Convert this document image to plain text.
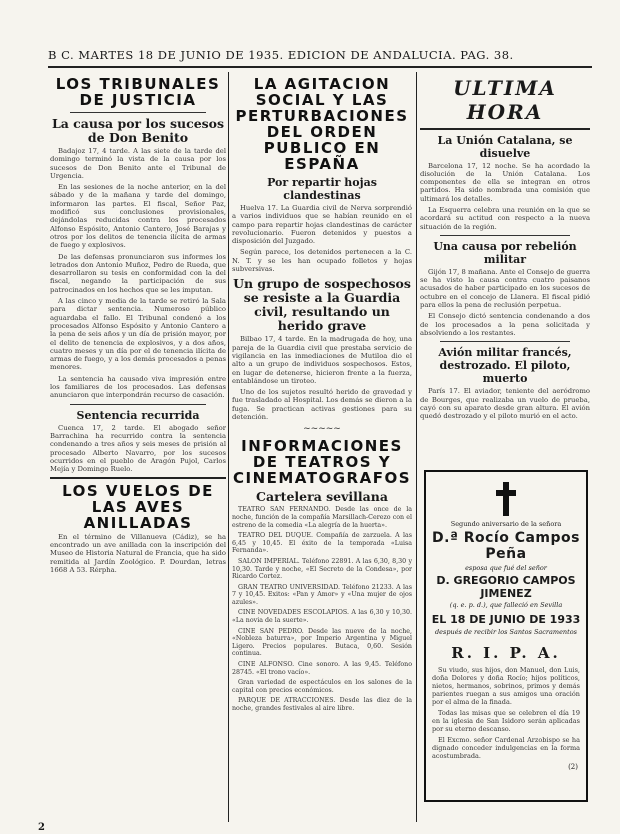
B C. MARTES 18 DE JUNIO DE 1935. EDICION DE ANDALUCIA. PAG. 38.
LOS TRIBUNALES DE JUSTICIA
La causa por los sucesos de Don Benito

Badajoz 17, 4 tarde. A las siete de la tarde del domingo terminó la vista de la causa por los sucesos de Don Benito ante el Tribunal de Urgencia.

En las sesiones de la noche anterior, en la del sábado y de la mañana y tarde del domingo, informaron las partes. El fiscal, Señor Paz, modificó sus conclusiones provisionales, dejándolas reducidas contra los procesados Alfonso Espósito, Antonio Cantero, José Barajas y otros por los delitos de tenencia ilícita de armas de fuego y explosivos.

De las defensas pronunciaron sus informes los letrados don Antonio Muñoz, Pedro de Rueda, que desarrollaron su tesis en conformidad con la del fiscal, negando la participación de sus patrocinados en los hechos que se les imputan.

A las cinco y media de la tarde se retiró la Sala para dictar sentencia. Numeroso público aguardaba el fallo. El Tribunal condenó a los procesados Alfonso Espósito y Antonio Cantero a la pena de seis años y un día de prisión mayor, por el delito de tenencia de explosivos, y a dos años, cuatro meses y un día por el de tenencia ilícita de armas de fuego, y a los demás procesados a penas menores.

La sentencia ha causado viva impresión entre los familiares de los procesados. Las defensas anunciaron que interpondrán recurso de casación.

Sentencia recurrida

Cuenca 17, 2 tarde. El abogado señor Barrachina ha recurrido contra la sentencia condenando a tres años y seis meses de prisión al procesado Alberto Navarro, por los sucesos ocurridos en el pueblo de Aragón Pujol, Carlos Mejía y Domingo Ruelo.

LOS VUELOS DE LAS AVES ANILLADAS

En el término de Villanueva (Cádiz), se ha encontrado un ave anillada con la inscripción del Museo de Historia Natural de Francia, que ha sido remitida al Jardín Zoológico. P. Dourdan, letras 1668 A 53. Rérpha.

LA AGITACION SOCIAL Y LAS PERTURBACIONES DEL ORDEN PUBLICO EN ESPAÑA
Por repartir hojas clandestinas

Huelva 17. La Guardia civil de Nerva sorprendió a varios individuos que se habían reunido en el campo para repartir hojas clandestinas de carácter revolucionario. Fueron detenidos y puestos a disposición del Juzgado.

Según parece, los detenidos pertenecen a la C. N. T. y se les han ocupado folletos y hojas subversivas.

Un grupo de sospechosos se resiste a la Guardia civil, resultando un herido grave

Bilbao 17, 4 tarde. En la madrugada de hoy, una pareja de la Guardia civil que prestaba servicio de vigilancia en las inmediaciones de Mutiloa dio el alto a un grupo de individuos sospechosos. Estos, en lugar de detenerse, hicieron frente a la fuerza, entablándose un tiroteo.

Uno de los sujetos resultó herido de gravedad y fue trasladado al Hospital. Los demás se dieron a la fuga. Se practican activas gestiones para su detención.

~~~~~
INFORMACIONES DE TEATROS Y CINEMATOGRAFOS
Cartelera sevillana

TEATRO SAN FERNANDO. Desde las once de la noche, función de la compañía Marsillach-Cerezo con el estreno de la comedia «La alegría de la huerta».

TEATRO DEL DUQUE. Compañía de zarzuela. A las 6,45 y 10,45. El éxito de la temporada «Luisa Fernanda».

SALON IMPERIAL. Teléfono 22891. A las 6,30, 8,30 y 10,30. Tarde y noche, «El Secreto de la Condesa», por Ricardo Cortez.

GRAN TEATRO UNIVERSIDAD. Teléfono 21233. A las 7 y 10,45. Exitos: «Pan y Amor» y «Una mujer de ojos azules».

CINE NOVEDADES ESCOLAPIOS. A las 6,30 y 10,30. «La novia de la suerte».

CINE SAN PEDRO. Desde las nueve de la noche, «Nobleza baturra», por Imperio Argentina y Miguel Ligero. Precios populares. Butaca, 0,60. Sesión continua.

CINE ALFONSO. Cine sonoro. A las 9,45. Teléfono 28745. «El trono vacío».

Gran variedad de espectáculos en los salones de la capital con precios económicos.

PARQUE DE ATRACCIONES. Desde las diez de la noche, grandes festivales al aire libre.

ULTIMA HORA
La Unión Catalana, se disuelve

Barcelona 17, 12 noche. Se ha acordado la disolución de la Unión Catalana. Los componentes de ella se integran en otros partidos. Ha sido nombrada una comisión que ultimará los detalles.

La Esquerra celebra una reunión en la que se acordará su actitud con respecto a la nueva situación de la región.

Una causa por rebelión militar

Gijón 17, 8 mañana. Ante el Consejo de guerra se ha visto la causa contra cuatro paisanos acusados de haber participado en los sucesos de octubre en el concejo de Llanera. El fiscal pidió para ellos la pena de reclusión perpetua.

El Consejo dictó sentencia condenando a dos de los procesados a la pena solicitada y absolviendo a los restantes.

Avión militar francés, destrozado. El piloto, muerto

París 17. El aviador, teniente del aeródromo de Bourges, que realizaba un vuelo de prueba, cayó con su aparato desde gran altura. El avión quedó destrozado y el piloto murió en el acto.

Segundo aniversario de la señora
D.ª Rocío Campos Peña
esposa que fué del señor
D. GREGORIO CAMPOS JIMENEZ
(q. e. p. d.), que falleció en Sevilla
EL 18 DE JUNIO DE 1933
después de recibir los Santos Sacramentos
R. I. P. A.

Su viudo, sus hijos, don Manuel, don Luis, doña Dolores y doña Rocío; hijos políticos, nietos, hermanos, sobrinos, primos y demás parientes ruegan a sus amigos una oración por el alma de la finada.

Todas las misas que se celebren el día 19 en la iglesia de San Isidoro serán aplicadas por su eterno descanso.

El Excmo. señor Cardenal Arzobispo se ha dignado conceder indulgencias en la forma acostumbrada.

(2)
2
